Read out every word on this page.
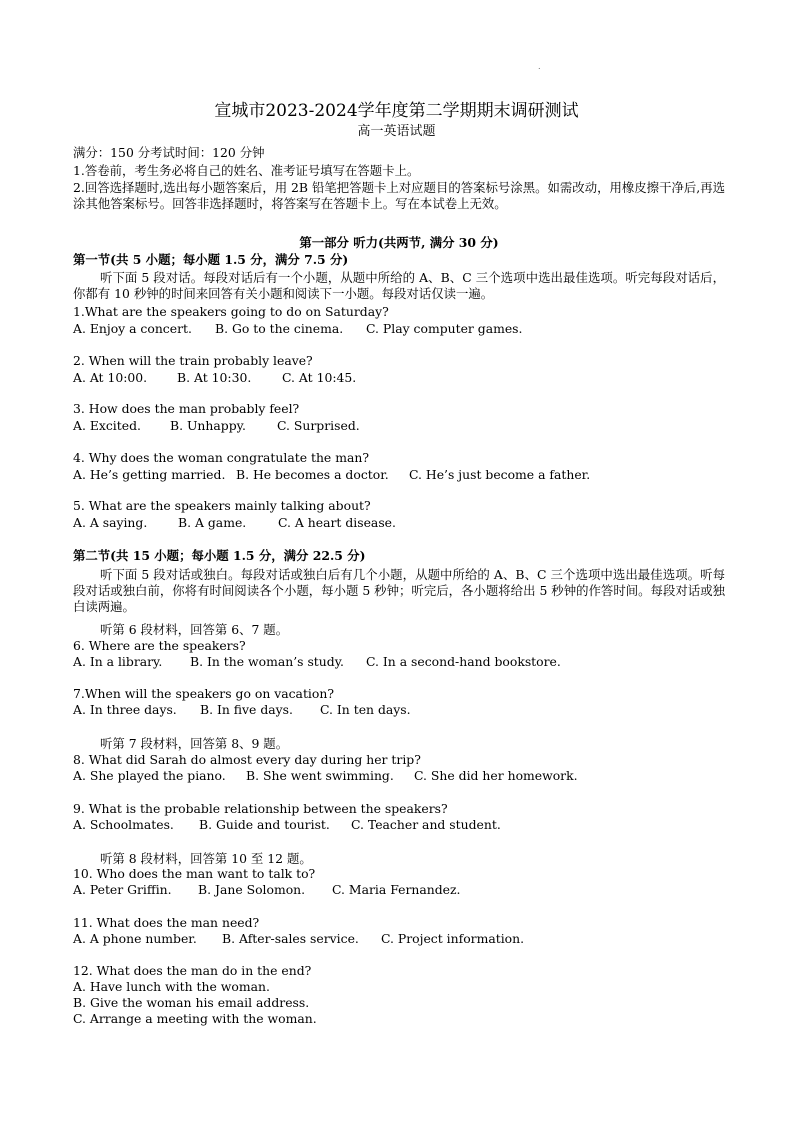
.
宣城市2023-2024学年度第二学期期末调研测试
高一英语试题
满分：150 分考试时间：120 分钟
1.答卷前，考生务必将自己的姓名、准考证号填写在答题卡上。
2.回答选择题时,选出每小题答案后，用 2B 铅笔把答题卡上对应题目的答案标号涂黑。如需改动，用橡皮擦干净后,再选涂其他答案标号。回答非选择题时，将答案写在答题卡上。写在本试卷上无效。
第一部分 听力(共两节, 满分 30 分)
第一节(共 5 小题；每小题 1.5 分，满分 7.5 分)
听下面 5 段对话。每段对话后有一个小题，从题中所给的 A、B、C 三个选项中选出最佳选项。听完每段对话后，你都有 10 秒钟的时间来回答有关小题和阅读下一小题。每段对话仅读一遍。
1.What are the speakers going to do on Saturday?
A. Enjoy a concert. B. Go to the cinema. C. Play computer games.
2. When will the train probably leave?
A. At 10:00. B. At 10:30. C. At 10:45.
3. How does the man probably feel?
A. Excited. B. Unhappy.	C. Surprised.
4. Why does the woman congratulate the man?
A. He’s getting married. B. He becomes a doctor. C. He’s just become a father.
5. What are the speakers mainly talking about?
A. A saying. B. A game.	C. A heart disease.
第二节(共 15 小题；每小题 1.5 分，满分 22.5 分)
听下面 5 段对话或独白。每段对话或独白后有几个小题，从题中所给的 A、B、C 三个选项中选出最佳选项。听每段对话或独白前，你将有时间阅读各个小题，每小题 5 秒钟；听完后，各小题将给出 5 秒钟的作答时间。每段对话或独白读两遍。
听第 6 段材料，回答第 6、7 题。
6. Where are the speakers?
A. In a library. B. In the woman’s study. C. In a second-hand bookstore.
7.When will the speakers go on vacation?
A. In three days. B. In five days. C. In ten days.
听第 7 段材料，回答第 8、9 题。
8. What did Sarah do almost every day during her trip?
A. She played the piano. B. She went swimming. C. She did her homework.
9. What is the probable relationship between the speakers?
A. Schoolmates. B. Guide and tourist. C. Teacher and student.
听第 8 段材料，回答第 10 至 12 题。
10. Who does the man want to talk to?
A. Peter Griffin. B. Jane Solomon. C. Maria Fernandez.
11. What does the man need?
A. A phone number. B. After-sales service. C. Project information.
12. What does the man do in the end?
A. Have lunch with the woman.
B. Give the woman his email address.
C. Arrange a meeting with the woman.
